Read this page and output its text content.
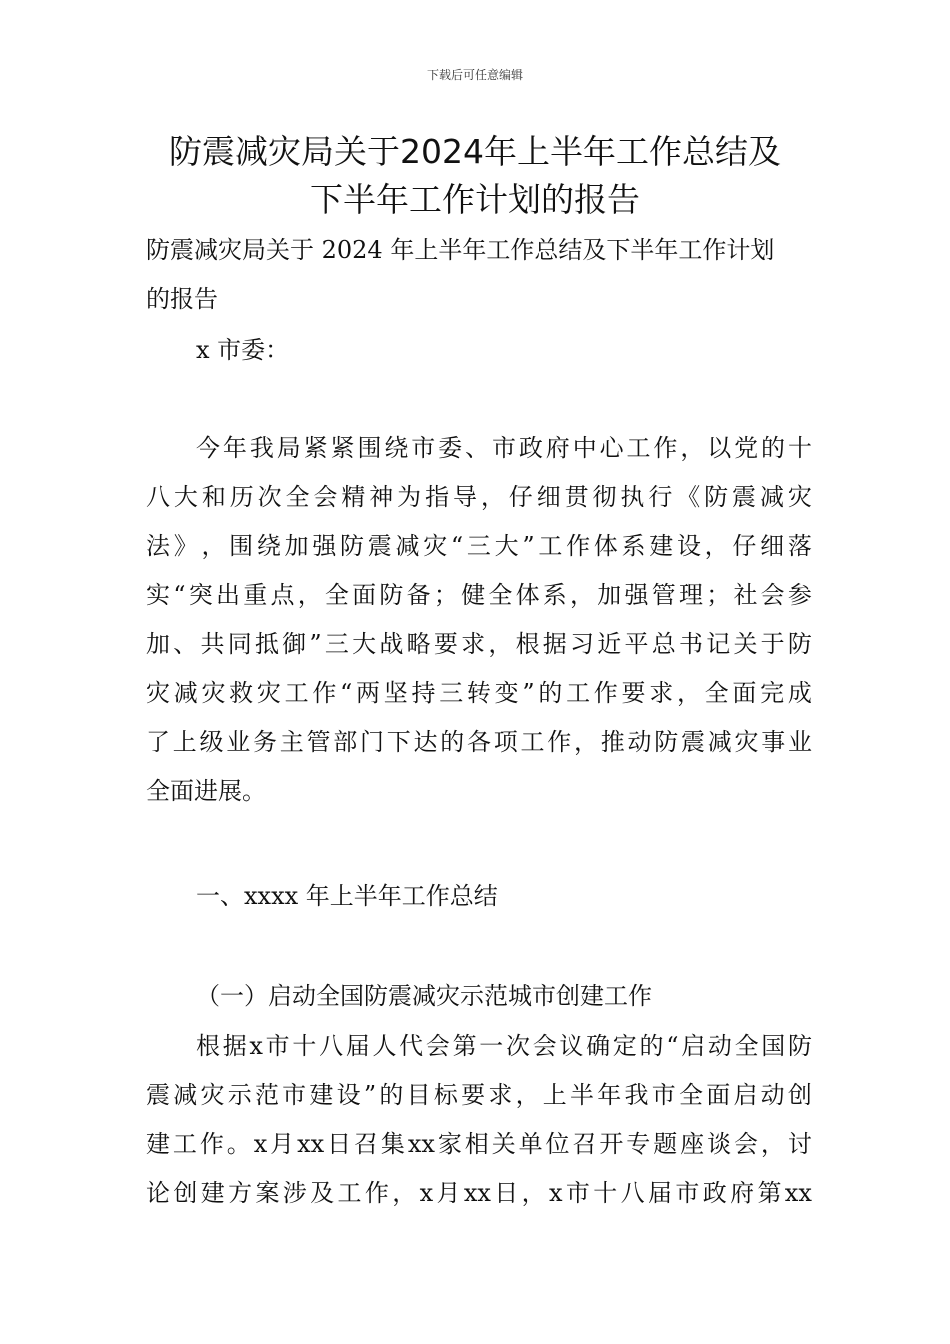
下载后可任意编辑
防震减灾局关于2024年上半年工作总结及
下半年工作计划的报告
防震减灾局关于 2024 年上半年工作总结及下半年工作计划
的报告
x 市委：
今 年 我 局 紧 紧 围 绕 市 委 、 市 政 府 中 心 工 作 ， 以 党 的 十
八 大 和 历 次 全 会 精 神 为 指 导 ， 仔 细 贯 彻 执 行 《 防 震 减 灾
法 》 ， 围 绕 加 强 防 震 减 灾 “ 三 大 ” 工 作 体 系 建 设 ， 仔 细 落
实 “ 突 出 重 点 ， 全 面 防 备 ； 健 全 体 系 ， 加 强 管 理 ； 社 会 参
加 、 共 同 抵 御 ” 三 大 战 略 要 求 ， 根 据 习 近 平 总 书 记 关 于 防
灾 减 灾 救 灾 工 作 “ 两 坚 持 三 转 变 ” 的 工 作 要 求 ， 全 面 完 成
了 上 级 业 务 主 管 部 门 下 达 的 各 项 工 作 ， 推 动 防 震 减 灾 事 业
全面进展。
一、xxxx 年上半年工作总结
（一）启动全国防震减灾示范城市创建工作
根 据 x 市 十 八 届 人 代 会 第 一 次 会 议 确 定 的 “ 启 动 全 国 防
震 减 灾 示 范 市 建 设 ” 的 目 标 要 求 ， 上 半 年 我 市 全 面 启 动 创
建 工 作 。 x 月 xx 日 召 集 xx 家 相 关 单 位 召 开 专 题 座 谈 会 ， 讨
论 创 建 方 案 涉 及 工 作 ， x 月 xx 日 ， x 市 十 八 届 市 政 府 第 xx
